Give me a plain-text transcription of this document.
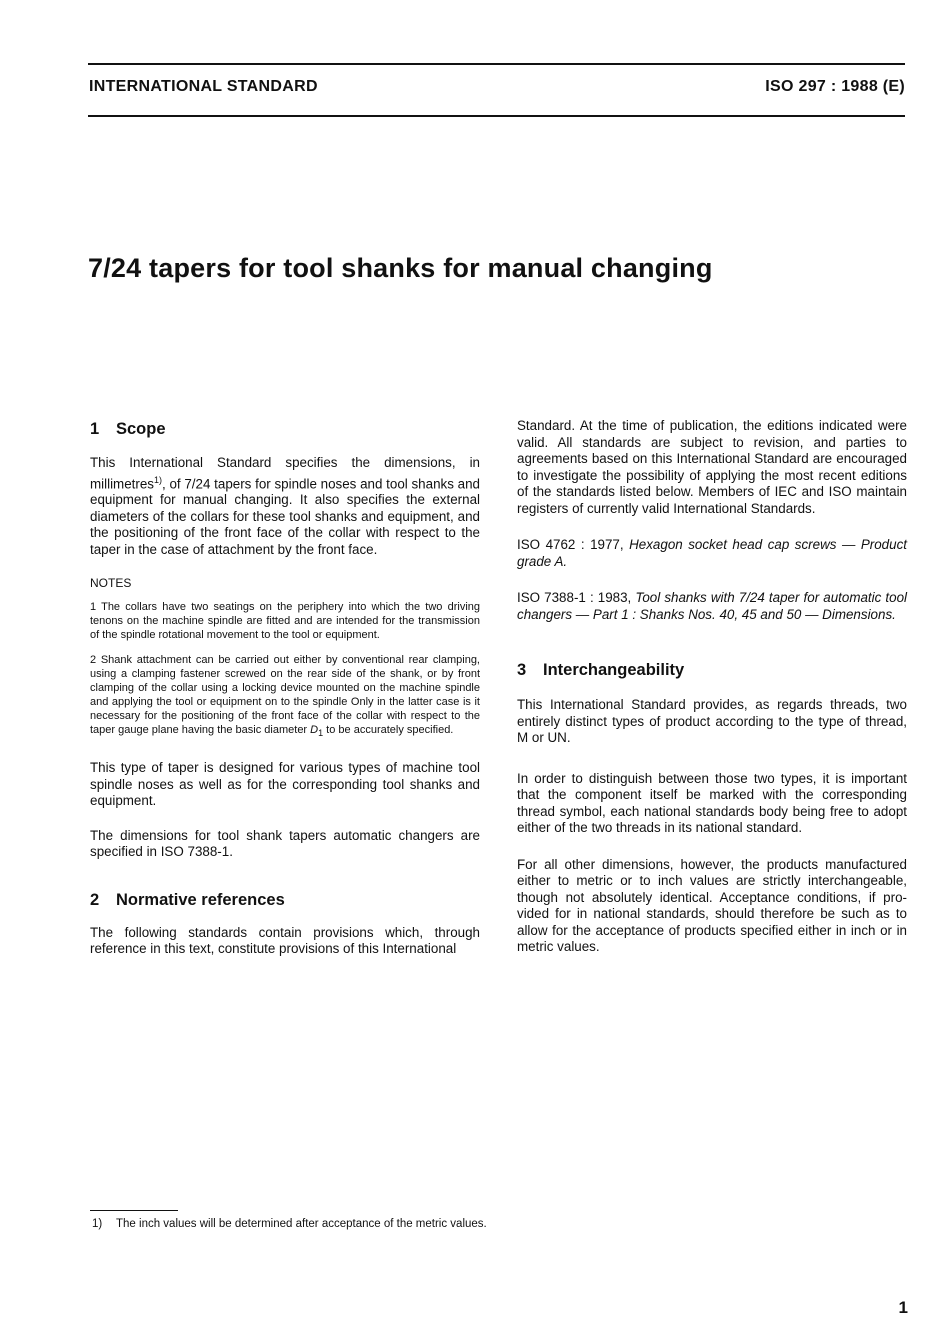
INTERNATIONAL STANDARD	ISO 297 : 1988 (E)
7/24 tapers for tool shanks for manual changing
1 Scope

This International Standard specifies the dimensions, in millimetres$^{1)}$, of 7/24 tapers for spindle noses and tool shanks and equipment for manual changing. It also specifies the external diameters of the collars for these tool shanks and equipment, and the positioning of the front face of the collar with respect to the taper in the case of attachment by the front face.

NOTES

1 The collars have two seatings on the periphery into which the two driving tenons on the machine spindle are fitted and are intended for the transmission of the spindle rotational movement to the tool or equipment.

2 Shank attachment can be carried out either by conventional rear clamping, using a clamping fastener screwed on the rear side of the shank, or by front clamping of the collar using a locking device mounted on the machine spindle and applying the tool or equipment on to the spindle Only in the latter case is it necessary for the positioning of the front face of the collar with respect to the taper gauge plane having the basic diameter $D_1$ to be accurately specified.

This type of taper is designed for various types of machine tool spindle noses as well as for the corresponding tool shanks and equipment.

The dimensions for tool shank tapers automatic changers are specified in ISO 7388-1.

2 Normative references

The following standards contain provisions which, through reference in this text, constitute provisions of this International

Standard. At the time of publication, the editions indicated were valid. All standards are subject to revision, and parties to agreements based on this International Standard are encouraged to investigate the possibility of applying the most recent editions of the standards listed below. Members of IEC and ISO maintain registers of currently valid International Standards.

ISO 4762 : 1977, Hexagon socket head cap screws — Product grade A.

ISO 7388-1 : 1983, Tool shanks with 7/24 taper for automatic tool changers — Part 1 : Shanks Nos. 40, 45 and 50 — Dimensions.

3 Interchangeability

This International Standard provides, as regards threads, two entirely distinct types of product according to the type of thread, M or UN.

In order to distinguish between those two types, it is important that the component itself be marked with the corresponding thread symbol, each national standards body being free to adopt either of the two threads in its national standard.

For all other dimensions, however, the products manufactured either to metric or to inch values are strictly interchangeable, though not absolutely identical. Acceptance conditions, if provided for in national standards, should therefore be such as to allow for the acceptance of products specified either in inch or in metric values.

1) The inch values will be determined after acceptance of the metric values.
1
